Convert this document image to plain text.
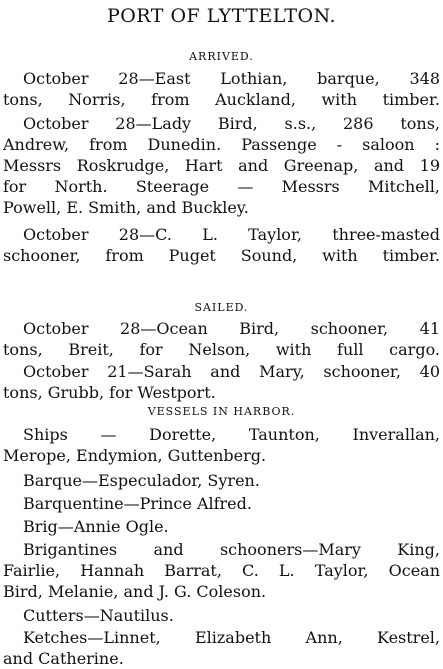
PORT OF LYTTELTON.
ARRIVED.
October 28—East Lothian, barque, 348
tons, Norris, from Auckland, with timber.
October 28—Lady Bird, s.s., 286 tons,
Andrew, from Dunedin. Passenge - saloon :
Messrs Roskrudge, Hart and Greenap, and 19
for North. Steerage — Messrs Mitchell,
Powell, E. Smith, and Buckley.
October 28—C. L. Taylor, three-masted
schooner, from Puget Sound, with timber.
SAILED.
October 28—Ocean Bird, schooner, 41
tons, Breit, for Nelson, with full cargo.
October 21—Sarah and Mary, schooner, 40
tons, Grubb, for Westport.
VESSELS IN HARBOR.
Ships — Dorette, Taunton, Inverallan,
Merope, Endymion, Guttenberg.
Barque—Especulador, Syren.
Barquentine—Prince Alfred.
Brig—Annie Ogle.
Brigantines and schooners—Mary King,
Fairlie, Hannah Barrat, C. L. Taylor, Ocean
Bird, Melanie, and J. G. Coleson.
Cutters—Nautilus.
Ketches—Linnet, Elizabeth Ann, Kestrel,
and Catherine.
